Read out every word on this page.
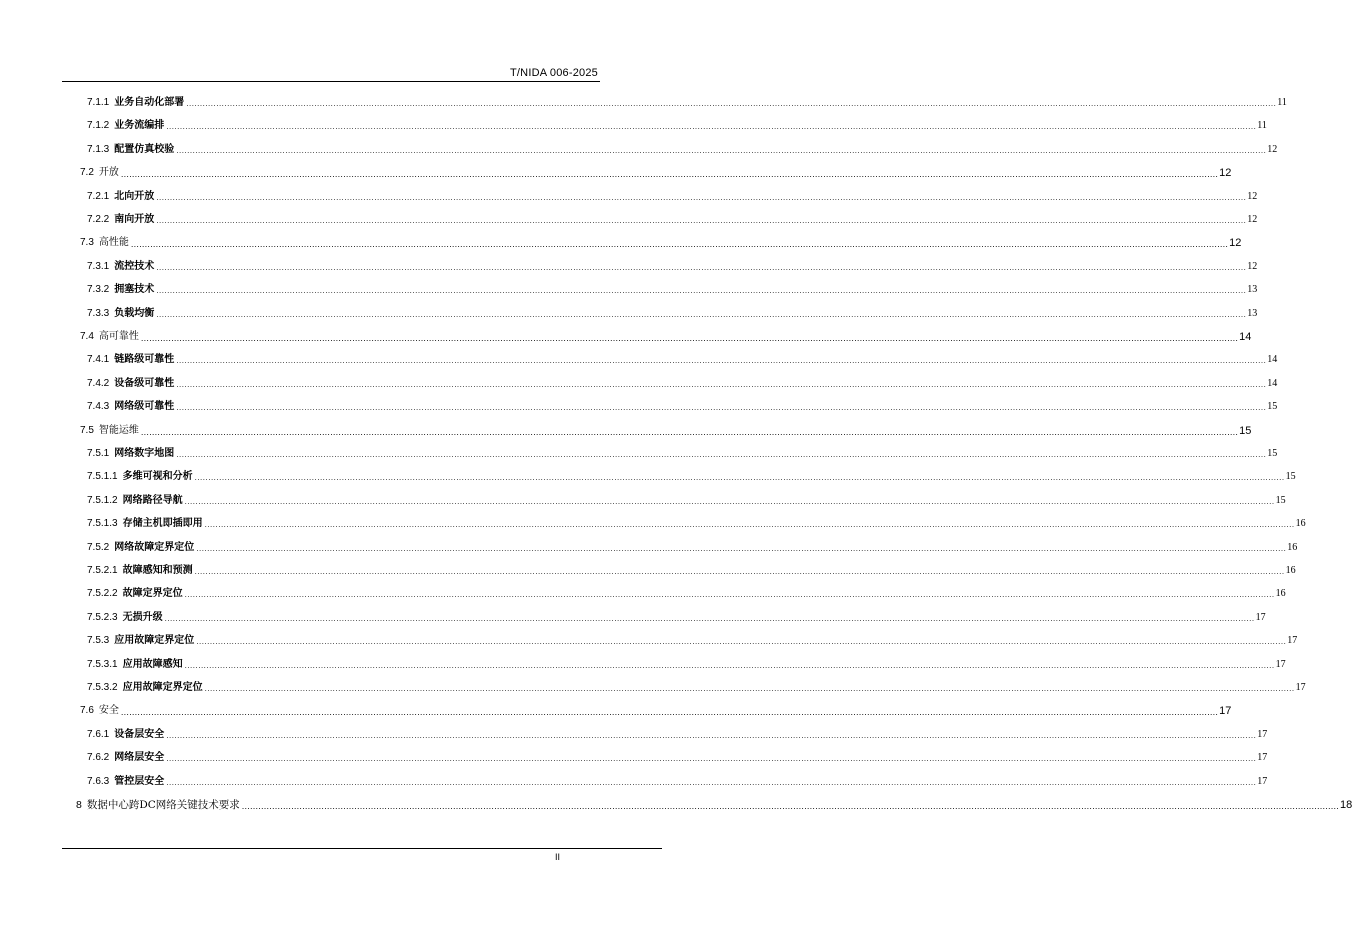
T/NIDA 006-2025
7.1.1 业务自动化部署 ................................................................................................................................................................................................................................................................................................................................................................................................................ 11
7.1.2 业务流编排 ................................................................................................................................................................................................................................................................................................................................................................................................................ 11
7.1.3 配置仿真校验 ................................................................................................................................................................................................................................................................................................................................................................................................................ 12
7.2 开放 ................................................................................................................................................................................................................................................................................................................................................................................................................ 12
7.2.1 北向开放 ................................................................................................................................................................................................................................................................................................................................................................................................................ 12
7.2.2 南向开放 ................................................................................................................................................................................................................................................................................................................................................................................................................ 12
7.3 高性能 ................................................................................................................................................................................................................................................................................................................................................................................................................ 12
7.3.1 流控技术 ................................................................................................................................................................................................................................................................................................................................................................................................................ 12
7.3.2 拥塞技术 ................................................................................................................................................................................................................................................................................................................................................................................................................ 13
7.3.3 负载均衡 ................................................................................................................................................................................................................................................................................................................................................................................................................ 13
7.4 高可靠性 ................................................................................................................................................................................................................................................................................................................................................................................................................ 14
7.4.1 链路级可靠性 ................................................................................................................................................................................................................................................................................................................................................................................................................ 14
7.4.2 设备级可靠性 ................................................................................................................................................................................................................................................................................................................................................................................................................ 14
7.4.3 网络级可靠性 ................................................................................................................................................................................................................................................................................................................................................................................................................ 15
7.5 智能运维 ................................................................................................................................................................................................................................................................................................................................................................................................................ 15
7.5.1 网络数字地图 ................................................................................................................................................................................................................................................................................................................................................................................................................ 15
7.5.1.1 多维可视和分析 ................................................................................................................................................................................................................................................................................................................................................................................................................ 15
7.5.1.2 网络路径导航 ................................................................................................................................................................................................................................................................................................................................................................................................................ 15
7.5.1.3 存储主机即插即用 ................................................................................................................................................................................................................................................................................................................................................................................................................ 16
7.5.2 网络故障定界定位 ................................................................................................................................................................................................................................................................................................................................................................................................................ 16
7.5.2.1 故障感知和预测 ................................................................................................................................................................................................................................................................................................................................................................................................................ 16
7.5.2.2 故障定界定位 ................................................................................................................................................................................................................................................................................................................................................................................................................ 16
7.5.2.3 无损升级 ................................................................................................................................................................................................................................................................................................................................................................................................................ 17
7.5.3 应用故障定界定位 ................................................................................................................................................................................................................................................................................................................................................................................................................ 17
7.5.3.1 应用故障感知 ................................................................................................................................................................................................................................................................................................................................................................................................................ 17
7.5.3.2 应用故障定界定位 ................................................................................................................................................................................................................................................................................................................................................................................................................ 17
7.6 安全 ................................................................................................................................................................................................................................................................................................................................................................................................................ 17
7.6.1 设备层安全 ................................................................................................................................................................................................................................................................................................................................................................................................................ 17
7.6.2 网络层安全 ................................................................................................................................................................................................................................................................................................................................................................................................................ 17
7.6.3 管控层安全 ................................................................................................................................................................................................................................................................................................................................................................................................................ 17
8 数据中心跨DC网络关键技术要求 ................................................................................................................................................................................................................................................................................................................................................................................................................ 18
II
